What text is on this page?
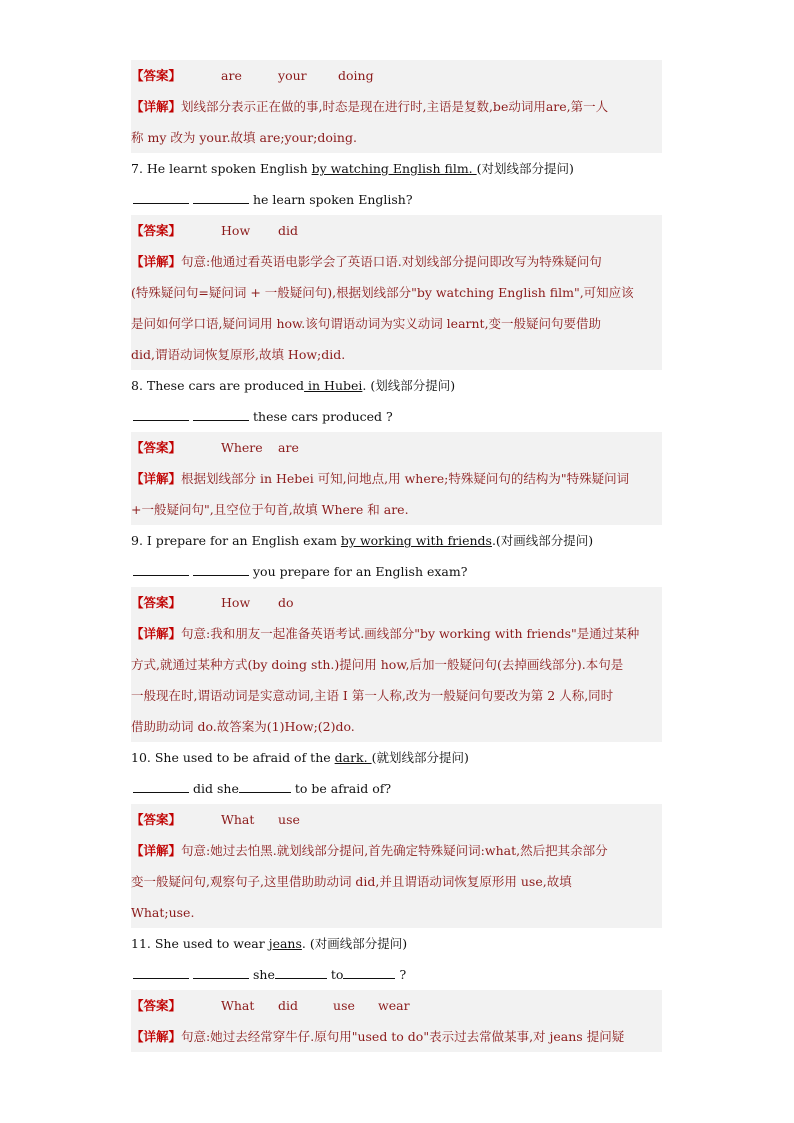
【答案】	are	your	doing
【详解】划线部分表示正在做的事,时态是现在进行时,主语是复数,be动词用are,第一人
称 my 改为 your.故填 are;your;doing.
7. He learnt spoken English by watching English film. (对划线部分提问)
he learn spoken English?
【答案】	How did
【详解】句意:他通过看英语电影学会了英语口语.对划线部分提问即改写为特殊疑问句
(特殊疑问句=疑问词 + 一般疑问句),根据划线部分"by watching English film",可知应该
是问如何学口语,疑问词用 how.该句谓语动词为实义动词 learnt,变一般疑问句要借助
did,谓语动词恢复原形,故填 How;did.
8. These cars are produced in Hubei. (划线部分提问)
these cars produced ?
【答案】	Where are
【详解】根据划线部分 in Hebei 可知,问地点,用 where;特殊疑问句的结构为"特殊疑问词
+一般疑问句",且空位于句首,故填 Where 和 are.
9. I prepare for an English exam by working with friends.(对画线部分提问)
you prepare for an English exam?
【答案】	How do
【详解】句意:我和朋友一起准备英语考试.画线部分"by working with friends"是通过某种
方式,就通过某种方式(by doing sth.)提问用 how,后加一般疑问句(去掉画线部分).本句是
一般现在时,谓语动词是实意动词,主语 I 第一人称,改为一般疑问句要改为第 2 人称,同时
借助助动词 do.故答案为(1)How;(2)do.
10. She used to be afraid of the dark. (就划线部分提问)
did she	to be afraid of?
【答案】	What use
【详解】句意:她过去怕黑.就划线部分提问,首先确定特殊疑问词:what,然后把其余部分
变一般疑问句,观察句子,这里借助助动词 did,并且谓语动词恢复原形用 use,故填
What;use.
11. She used to wear jeans. (对画线部分提问)
she	to	?
【答案】	What did	use wear
【详解】句意:她过去经常穿牛仔.原句用"used to do"表示过去常做某事,对 jeans 提问疑
